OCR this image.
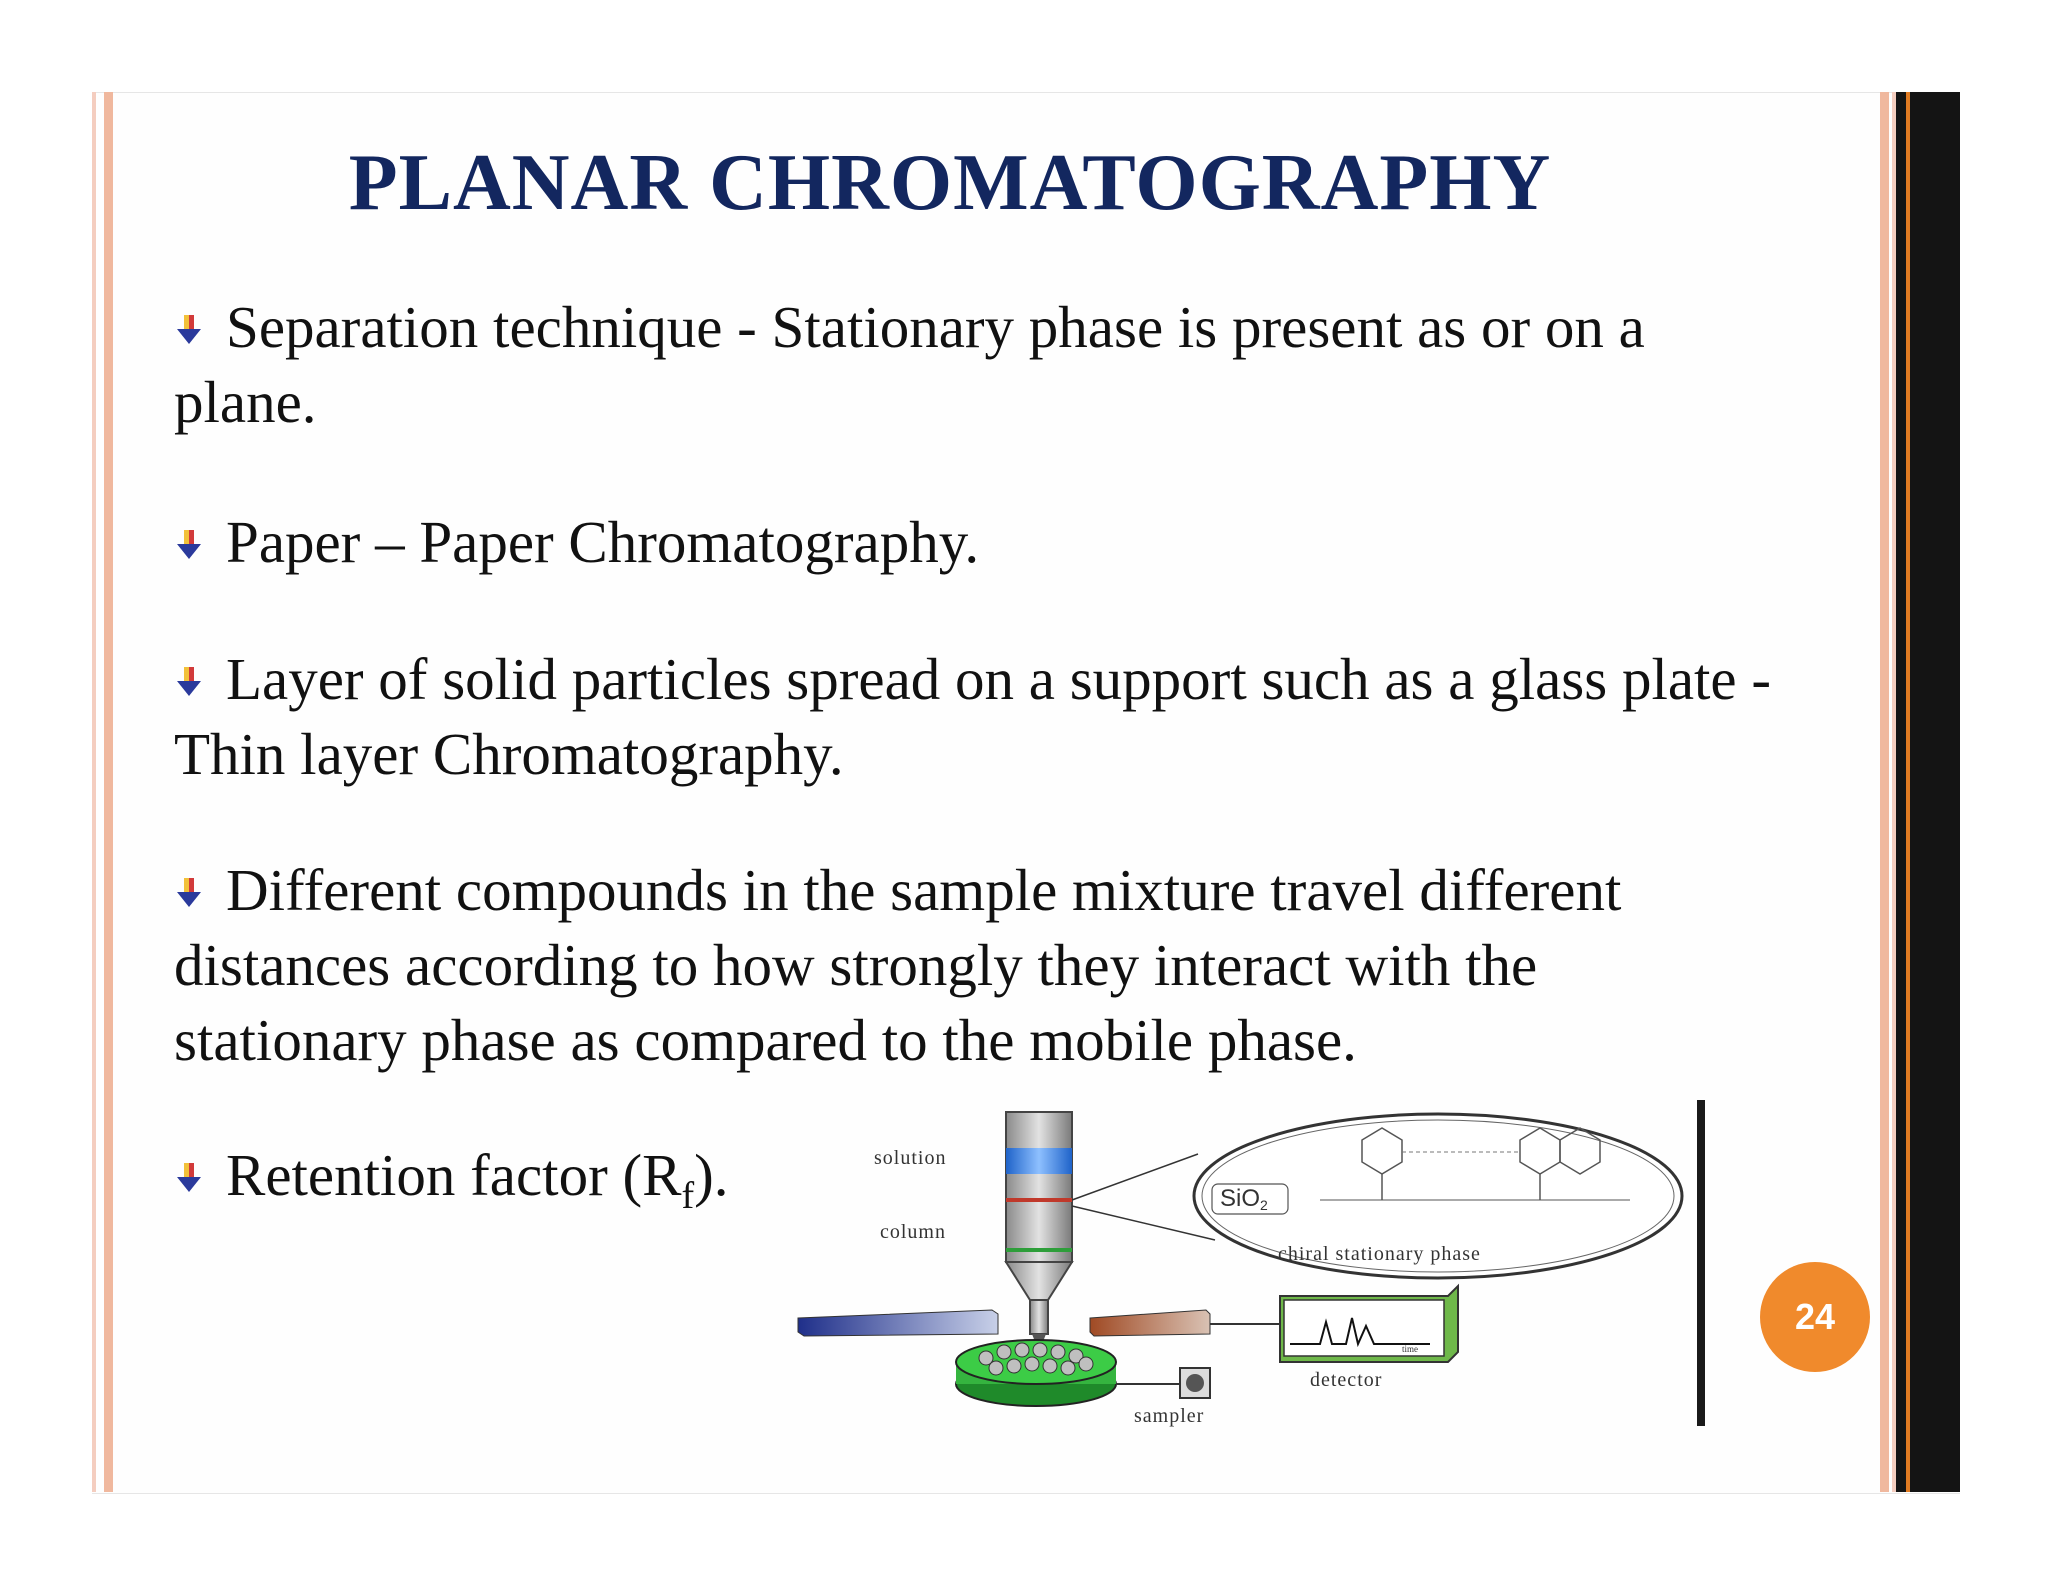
PLANAR CHROMATOGRAPHY

Separation technique - Stationary phase is present as or on a plane.

Paper – Paper Chromatography.

Layer of solid particles spread on a support such as a glass plate - Thin layer Chromatography.

Different compounds in the sample mixture travel different distances according to how strongly they interact with the stationary phase as compared to the mobile phase.

Retention factor $(R_f)$.	solution
column
SiO2
chiral stationary phase
time
detector
sampler
24
